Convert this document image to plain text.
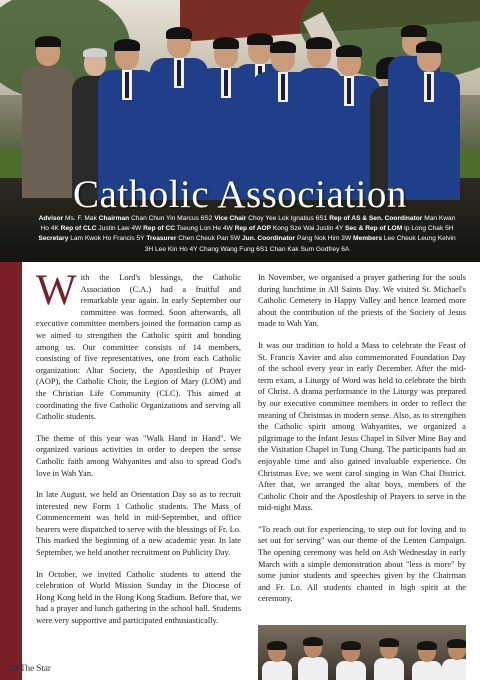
Catholic Association
Advisor Ms. F. Mak Chairman Chan Chun Yin Marcus 6S2 Vice Chair Choy Yee Lok Ignatius 6S1 Rep of AS & Sen. Coordinator Man Kwan Ho 4K Rep of CLC Justin Law 4W Rep of CC Tseung Lon He 4W Rep of AOP Kong Sze Wai Justin 4Y Sec & Rep of LOM Ip Long Chak 5H Secretary Lam Kwok Ho Francis 5Y Treasurer Chen Cheuk Pan 5W Jun. Coordinator Pang Nok Him 3W Members Lee Cheuk Leung Kelvin 3H Lee Kin Ho 4Y Chang Wang Fung 6S1 Chan Kak Sum Godfrey 6A

With the Lord's blessings, the Catholic Association (C.A.) had a fruitful and remarkable year again. In early September our committee was formed. Soon afterwards, all executive committee members joined the formation camp as we aimed to strengthen the Catholic spirit and bonding among us. Our committee consists of 14 members, consisting of five representatives, one from each Catholic organization: Altar Society, the Apostleship of Prayer (AOP), the Catholic Choir, the Legion of Mary (LOM) and the Christian Life Community (CLC). This aimed at coordinating the five Catholic Organizations and serving all Catholic students.

The theme of this year was "Walk Hand in Hand". We organized various activities in order to deepen the sense Catholic faith among Wahyanites and also to spread God's love in Wah Yan.

In late August, we held an Orientation Day so as to recruit interested new Form 1 Catholic students. The Mass of Commencement was held in mid-September, and office bearers were dispatched to serve with the blessings of Fr. Lo. This marked the beginning of a new academic year. In late September, we held another recruitment on Publicity Day.

In October, we invited Catholic students to attend the celebration of World Mission Sunday in the Diocese of Hong Kong held in the Hong Kong Stadium. Before that, we had a prayer and lunch gathering in the school hall. Students were very supportive and participated enthusiastically.

In November, we organised a prayer gathering for the souls during lunchtime in All Saints Day. We visited St. Michael's Catholic Cemetery in Happy Valley and hence learned more about the contribution of the priests of the Society of Jesus made to Wah Yan.

It was our tradition to hold a Mass to celebrate the Feast of St. Francis Xavier and also commemorated Foundation Day of the school every year in early December. After the mid-term exam, a Liturgy of Word was held to celebrate the birth of Christ. A drama performance in the Liturgy was prepared by our executive committee members in order to reflect the meaning of Christmas in modern sense. Also, as to strengthen the Catholic spirit among Wahyanites, we organized a pilgrimage to the Infant Jesus Chapel in Silver Mine Bay and the Visitation Chapel in Tung Chung. The participants had an enjoyable time and also gained invaluable experience. On Christmas Eve, we went carol singing in Wan Chai District. After that, we arranged the altar boys, members of the Catholic Choir and the Apostleship of Prayers to serve in the mid-night Mass.

"To reach out for experiencing, to step out for loving and to set out for serving" was our theme of the Lenten Campaign. The opening ceremony was held on Ash Wednesday in early March with a simple demonstration about "less is more" by some junior students and speeches given by the Chairman and Fr. Lo. All students chanted in high spirit at the ceremony.

92 The Star
